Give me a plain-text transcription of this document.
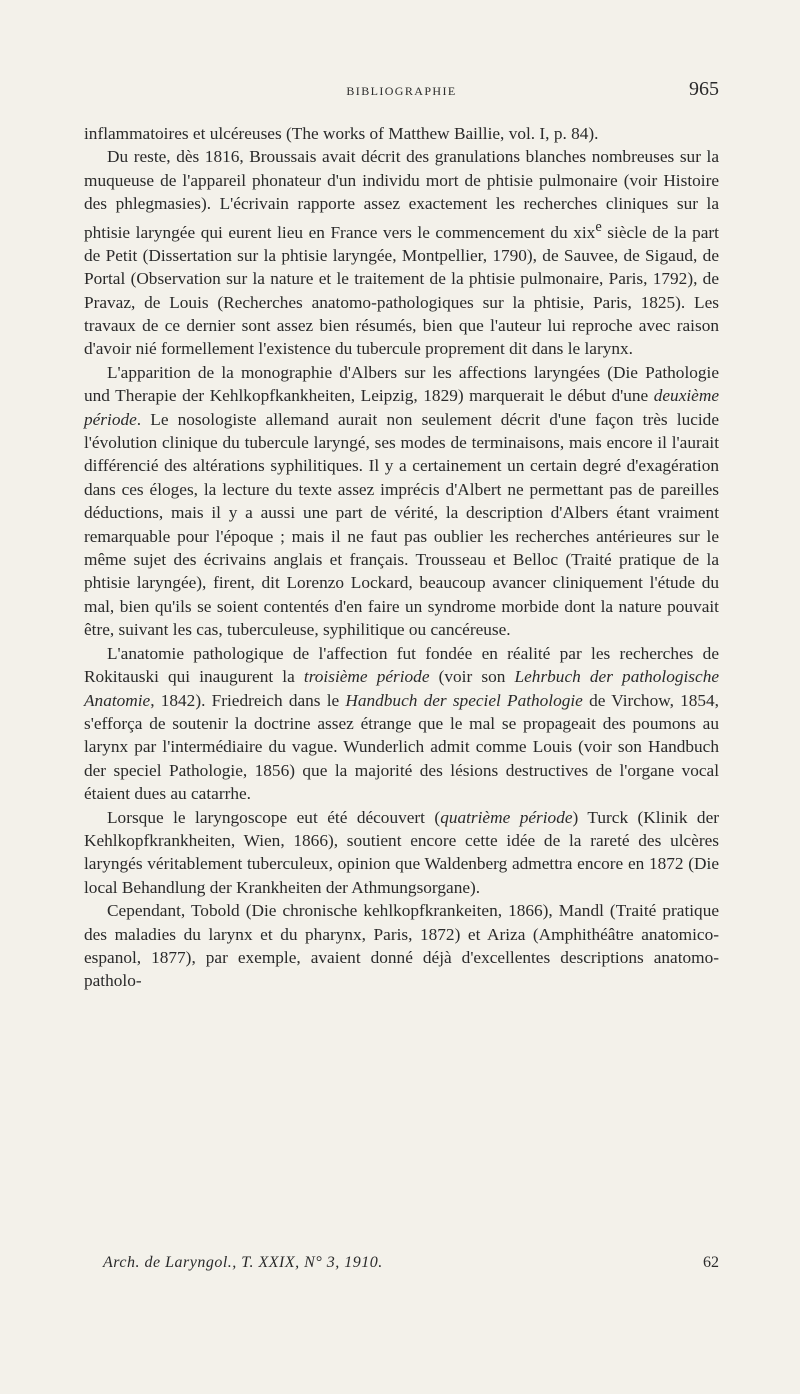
BIBLIOGRAPHIE	965

inflammatoires et ulcéreuses (The works of Matthew Baillie, vol. I, p. 84).

Du reste, dès 1816, Broussais avait décrit des granulations blanches nombreuses sur la muqueuse de l'appareil phonateur d'un individu mort de phtisie pulmonaire (voir Histoire des phlegmasies). L'écrivain rapporte assez exactement les recherches cliniques sur la phtisie laryngée qui eurent lieu en France vers le commencement du xix$^e$ siècle de la part de Petit (Dissertation sur la phtisie laryngée, Montpellier, 1790), de Sauvee, de Sigaud, de Portal (Observation sur la nature et le traitement de la phtisie pulmonaire, Paris, 1792), de Pravaz, de Louis (Recherches anatomo-pathologiques sur la phtisie, Paris, 1825). Les travaux de ce dernier sont assez bien résumés, bien que l'auteur lui reproche avec raison d'avoir nié formellement l'existence du tubercule proprement dit dans le larynx.

L'apparition de la monographie d'Albers sur les affections laryngées (Die Pathologie und Therapie der Kehlkopfkankheiten, Leipzig, 1829) marquerait le début d'une deuxième période. Le nosologiste allemand aurait non seulement décrit d'une façon très lucide l'évolution clinique du tubercule laryngé, ses modes de terminaisons, mais encore il l'aurait différencié des altérations syphilitiques. Il y a certainement un certain degré d'exagération dans ces éloges, la lecture du texte assez imprécis d'Albert ne permettant pas de pareilles déductions, mais il y a aussi une part de vérité, la description d'Albers étant vraiment remarquable pour l'époque ; mais il ne faut pas oublier les recherches antérieures sur le même sujet des écrivains anglais et français. Trousseau et Belloc (Traité pratique de la phtisie laryngée), firent, dit Lorenzo Lockard, beaucoup avancer cliniquement l'étude du mal, bien qu'ils se soient contentés d'en faire un syndrome morbide dont la nature pouvait être, suivant les cas, tuberculeuse, syphilitique ou cancéreuse.

L'anatomie pathologique de l'affection fut fondée en réalité par les recherches de Rokitauski qui inaugurent la troisième période (voir son Lehrbuch der pathologische Anatomie, 1842). Friedreich dans le Handbuch der speciel Pathologie de Virchow, 1854, s'efforça de soutenir la doctrine assez étrange que le mal se propageait des poumons au larynx par l'intermédiaire du vague. Wunderlich admit comme Louis (voir son Handbuch der speciel Pathologie, 1856) que la majorité des lésions destructives de l'organe vocal étaient dues au catarrhe.

Lorsque le laryngoscope eut été découvert (quatrième période) Turck (Klinik der Kehlkopfkrankheiten, Wien, 1866), soutient encore cette idée de la rareté des ulcères laryngés véritablement tuberculeux, opinion que Waldenberg admettra encore en 1872 (Die local Behandlung der Krankheiten der Athmungsorgane).

Cependant, Tobold (Die chronische kehlkopfkrankeiten, 1866), Mandl (Traité pratique des maladies du larynx et du pharynx, Paris, 1872) et Ariza (Amphithéâtre anatomico-espanol, 1877), par exemple, avaient donné déjà d'excellentes descriptions anatomo-patholo-

Arch. de Laryngol., T. XXIX, N° 3, 1910.	62
